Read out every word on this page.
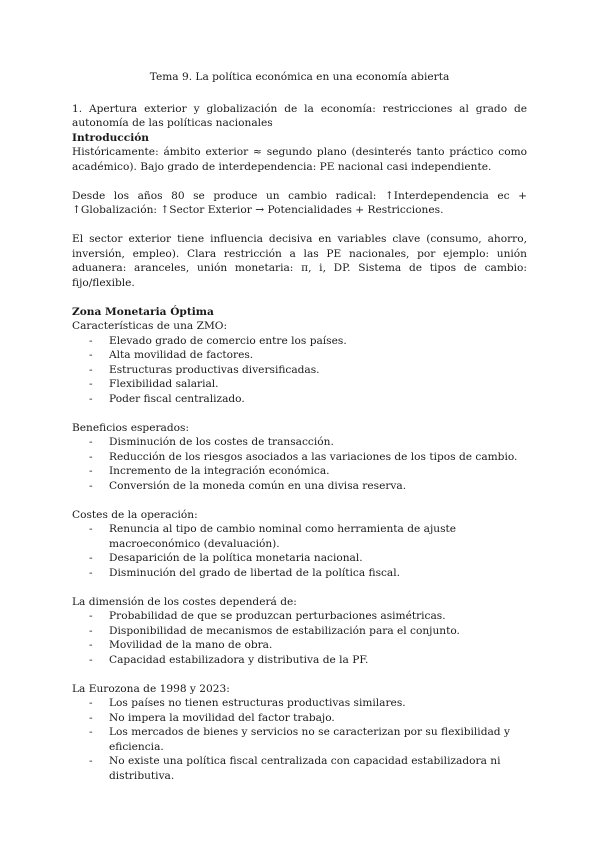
Tema 9. La política económica en una economía abierta

1. Apertura exterior y globalización de la economía: restricciones al grado de autonomía de las políticas nacionales

Introducción

Históricamente: ámbito exterior ≈ segundo plano (desinterés tanto práctico como académico). Bajo grado de interdependencia: PE nacional casi independiente.

Desde los años 80 se produce un cambio radical: ↑Interdependencia ec + ↑Globalización: ↑Sector Exterior → Potencialidades + Restricciones.

El sector exterior tiene influencia decisiva en variables clave (consumo, ahorro, inversión, empleo). Clara restricción a las PE nacionales, por ejemplo: unión aduanera: aranceles, unión monetaria: π, i, DP. Sistema de tipos de cambio: fijo/flexible.

Zona Monetaria Óptima

Características de una ZMO:

- Elevado grado de comercio entre los países.
- Alta movilidad de factores.
- Estructuras productivas diversificadas.
- Flexibilidad salarial.
- Poder fiscal centralizado.

Beneficios esperados:

- Disminución de los costes de transacción.
- Reducción de los riesgos asociados a las variaciones de los tipos de cambio.
- Incremento de la integración económica.
- Conversión de la moneda común en una divisa reserva.

Costes de la operación:

- Renuncia al tipo de cambio nominal como herramienta de ajuste macroeconómico (devaluación).
- Desaparición de la política monetaria nacional.
- Disminución del grado de libertad de la política fiscal.

La dimensión de los costes dependerá de:

- Probabilidad de que se produzcan perturbaciones asimétricas.
- Disponibilidad de mecanismos de estabilización para el conjunto.
- Movilidad de la mano de obra.
- Capacidad estabilizadora y distributiva de la PF.

La Eurozona de 1998 y 2023:

- Los países no tienen estructuras productivas similares.
- No impera la movilidad del factor trabajo.
- Los mercados de bienes y servicios no se caracterizan por su flexibilidad y eficiencia.
- No existe una política fiscal centralizada con capacidad estabilizadora ni distributiva.
